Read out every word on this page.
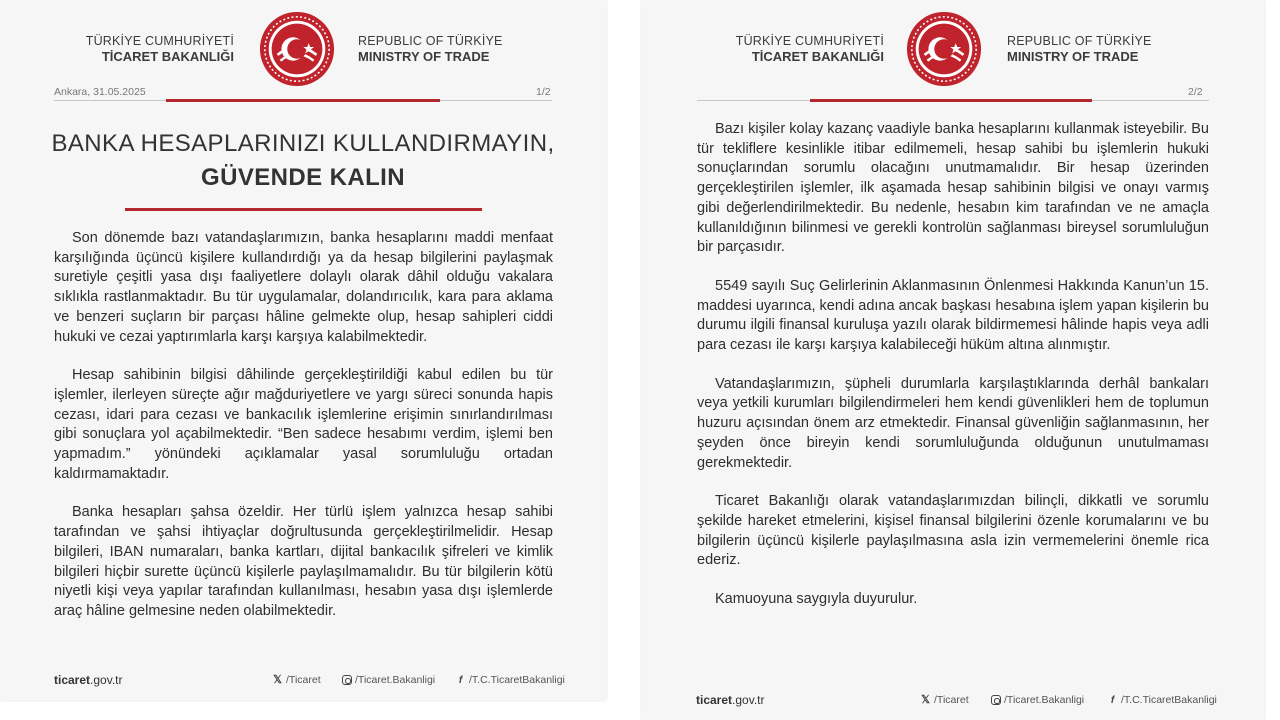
TÜRKİYE CUMHURİYETİ
TİCARET BAKANLIĞI
REPUBLIC OF TÜRKİYE
MINISTRY OF TRADE
Ankara, 31.05.2025	1/2
BANKA HESAPLARINIZI KULLANDIRMAYIN,
GÜVENDE KALIN

Son dönemde bazı vatandaşlarımızın, banka hesaplarını maddi menfaat karşılığında üçüncü kişilere kullandırdığı ya da hesap bilgilerini paylaşmak suretiyle çeşitli yasa dışı faaliyetlere dolaylı olarak dâhil olduğu vakalara sıklıkla rastlanmaktadır. Bu tür uygulamalar, dolandırıcılık, kara para aklama ve benzeri suçların bir parçası hâline gelmekte olup, hesap sahipleri ciddi hukuki ve cezai yaptırımlarla karşı karşıya kalabilmektedir.

Hesap sahibinin bilgisi dâhilinde gerçekleştirildiği kabul edilen bu tür işlemler, ilerleyen süreçte ağır mağduriyetlere ve yargı süreci sonunda hapis cezası, idari para cezası ve bankacılık işlemlerine erişimin sınırlandırılması gibi sonuçlara yol açabilmektedir. “Ben sadece hesabımı verdim, işlemi ben yapmadım.” yönündeki açıklamalar yasal sorumluluğu ortadan kaldırmamaktadır.

Banka hesapları şahsa özeldir. Her türlü işlem yalnızca hesap sahibi tarafından ve şahsi ihtiyaçlar doğrultusunda gerçekleştirilmelidir. Hesap bilgileri, IBAN numaraları, banka kartları, dijital bankacılık şifreleri ve kimlik bilgileri hiçbir surette üçüncü kişilerle paylaşılmamalıdır. Bu tür bilgilerin kötü niyetli kişi veya yapılar tarafından kullanılması, hesabın yasa dışı işlemlerde araç hâline gelmesine neden olabilmektedir.

ticaret.gov.tr	𝕏 /Ticaret	/Ticaret.Bakanligi	f /T.C.TicaretBakanligi
TÜRKİYE CUMHURİYETİ
TİCARET BAKANLIĞI
REPUBLIC OF TÜRKİYE
MINISTRY OF TRADE
2/2

Bazı kişiler kolay kazanç vaadiyle banka hesaplarını kullanmak isteyebilir. Bu tür tekliflere kesinlikle itibar edilmemeli, hesap sahibi bu işlemlerin hukuki sonuçlarından sorumlu olacağını unutmamalıdır. Bir hesap üzerinden gerçekleştirilen işlemler, ilk aşamada hesap sahibinin bilgisi ve onayı varmış gibi değerlendirilmektedir. Bu nedenle, hesabın kim tarafından ve ne amaçla kullanıldığının bilinmesi ve gerekli kontrolün sağlanması bireysel sorumluluğun bir parçasıdır.

5549 sayılı Suç Gelirlerinin Aklanmasının Önlenmesi Hakkında Kanun’un 15. maddesi uyarınca, kendi adına ancak başkası hesabına işlem yapan kişilerin bu durumu ilgili finansal kuruluşa yazılı olarak bildirmemesi hâlinde hapis veya adli para cezası ile karşı karşıya kalabileceği hüküm altına alınmıştır.

Vatandaşlarımızın, şüpheli durumlarla karşılaştıklarında derhâl bankaları veya yetkili kurumları bilgilendirmeleri hem kendi güvenlikleri hem de toplumun huzuru açısından önem arz etmektedir. Finansal güvenliğin sağlanmasının, her şeyden önce bireyin kendi sorumluluğunda olduğunun unutulmaması gerekmektedir.

Ticaret Bakanlığı olarak vatandaşlarımızdan bilinçli, dikkatli ve sorumlu şekilde hareket etmelerini, kişisel finansal bilgilerini özenle korumalarını ve bu bilgilerin üçüncü kişilerle paylaşılmasına asla izin vermemelerini önemle rica ederiz.

Kamuoyuna saygıyla duyurulur.

ticaret.gov.tr	𝕏 /Ticaret	/Ticaret.Bakanligi	f /T.C.TicaretBakanligi
